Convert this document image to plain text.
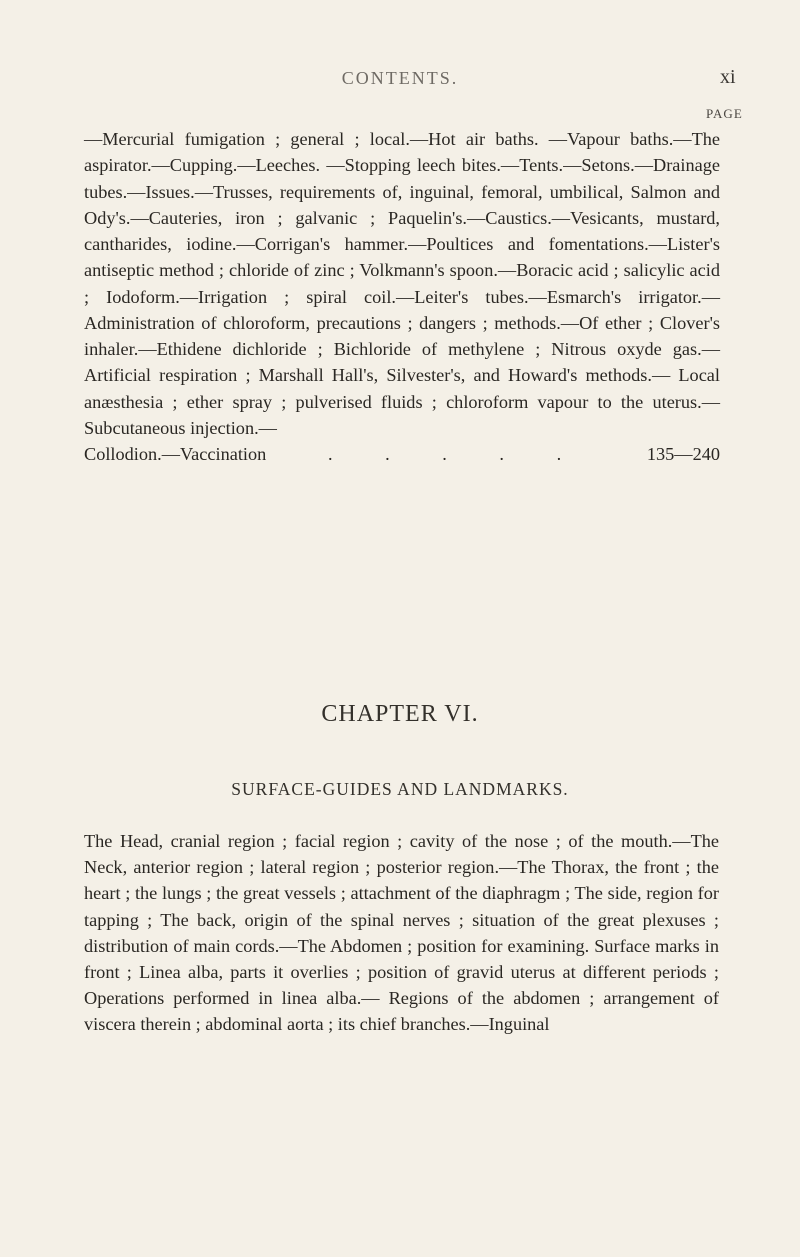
CONTENTS.	xi
PAGE
—Mercurial fumigation ; general ; local.—Hot air baths. —Vapour baths.—The aspirator.—Cupping.—Leeches. —Stopping leech bites.—Tents.—Setons.—Drainage tubes.—Issues.—Trusses, requirements of, inguinal, femoral, umbilical, Salmon and Ody's.—Cauteries, iron ; galvanic ; Paquelin's.—Caustics.—Vesicants, mustard, cantharides, iodine.—Corrigan's hammer.—Poultices and fomentations.—Lister's antiseptic method ; chloride of zinc ; Volkmann's spoon.—Boracic acid ; salicylic acid ; Iodoform.—Irrigation ; spiral coil.—Leiter's tubes.—Esmarch's irrigator.—Administration of chloroform, precautions ; dangers ; methods.—Of ether ; Clover's inhaler.—Ethidene dichloride ; Bichloride of methylene ; Nitrous oxyde gas.—Artificial respiration ; Marshall Hall's, Silvester's, and Howard's methods.— Local anæsthesia ; ether spray ; pulverised fluids ; chloroform vapour to the uterus.—Subcutaneous injection.—
Collodion.—Vaccination	. . . . .	135—240
CHAPTER VI.
SURFACE-GUIDES AND LANDMARKS.
The Head, cranial region ; facial region ; cavity of the nose ; of the mouth.—The Neck, anterior region ; lateral region ; posterior region.—The Thorax, the front ; the heart ; the lungs ; the great vessels ; attachment of the diaphragm ; The side, region for tapping ; The back, origin of the spinal nerves ; situation of the great plexuses ; distribution of main cords.—The Abdomen ; position for examining. Surface marks in front ; Linea alba, parts it overlies ; position of gravid uterus at different periods ; Operations performed in linea alba.— Regions of the abdomen ; arrangement of viscera therein ; abdominal aorta ; its chief branches.—Inguinal
